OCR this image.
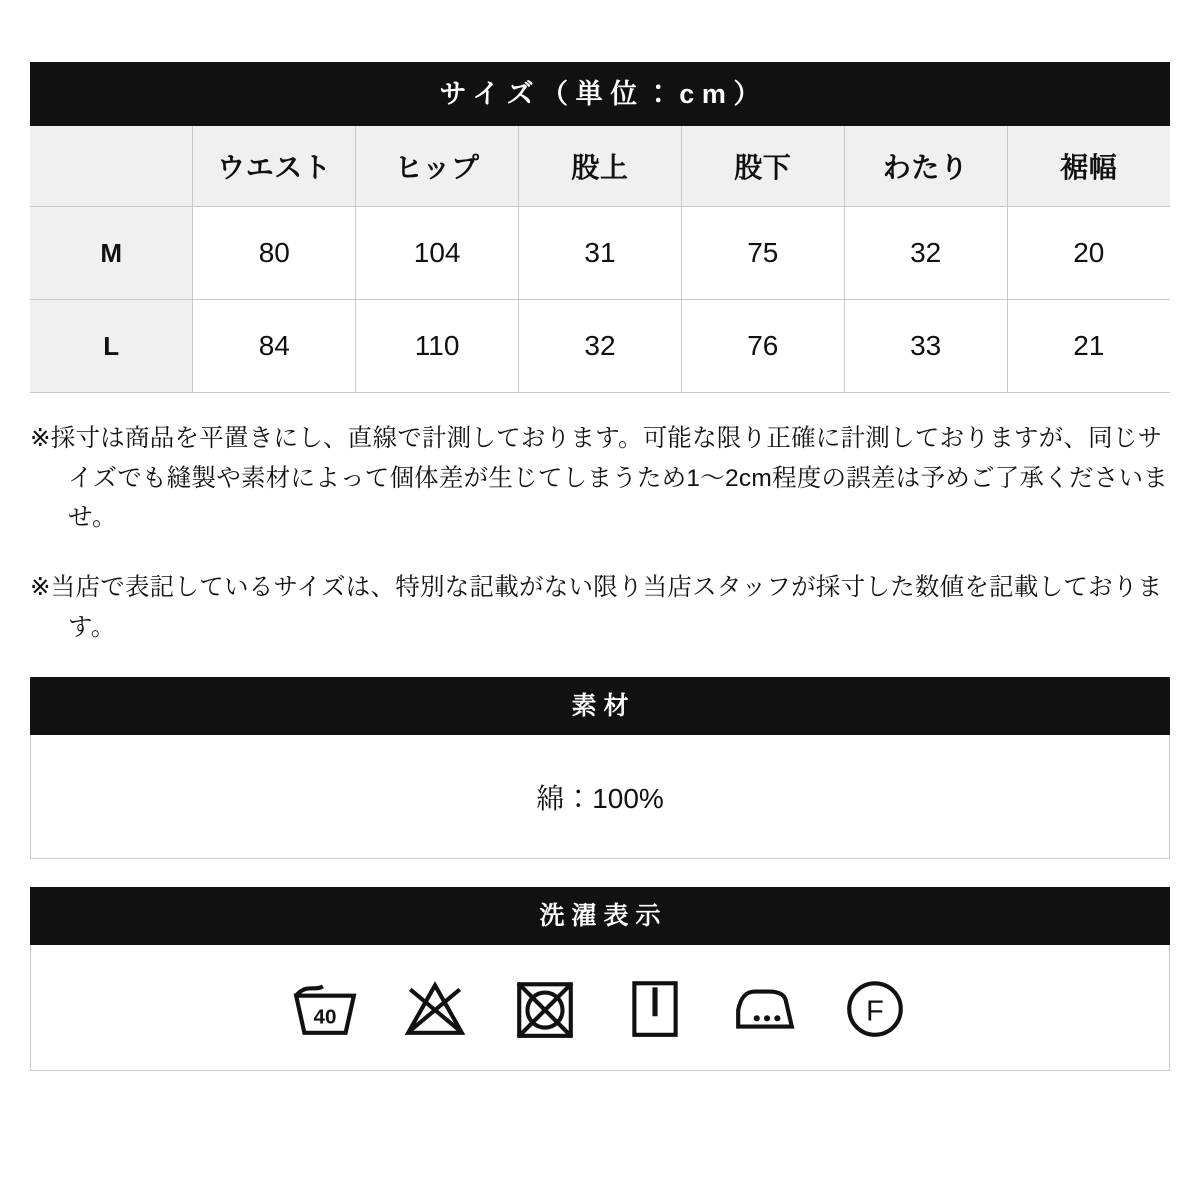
サイズ（単位：cm）
	ウエスト	ヒップ	股上	股下	わたり	裾幅
M	80	104	31	75	32	20
L	84	110	32	76	33	21

※採寸は商品を平置きにし、直線で計測しております。可能な限り正確に計測しておりますが、同じサイズでも縫製や素材によって個体差が生じてしまうため1〜2cm程度の誤差は予めご了承くださいませ。

※当店で表記しているサイズは、特別な記載がない限り当店スタッフが採寸した数値を記載しております。

素材
綿：100%
洗濯表示
40	F
